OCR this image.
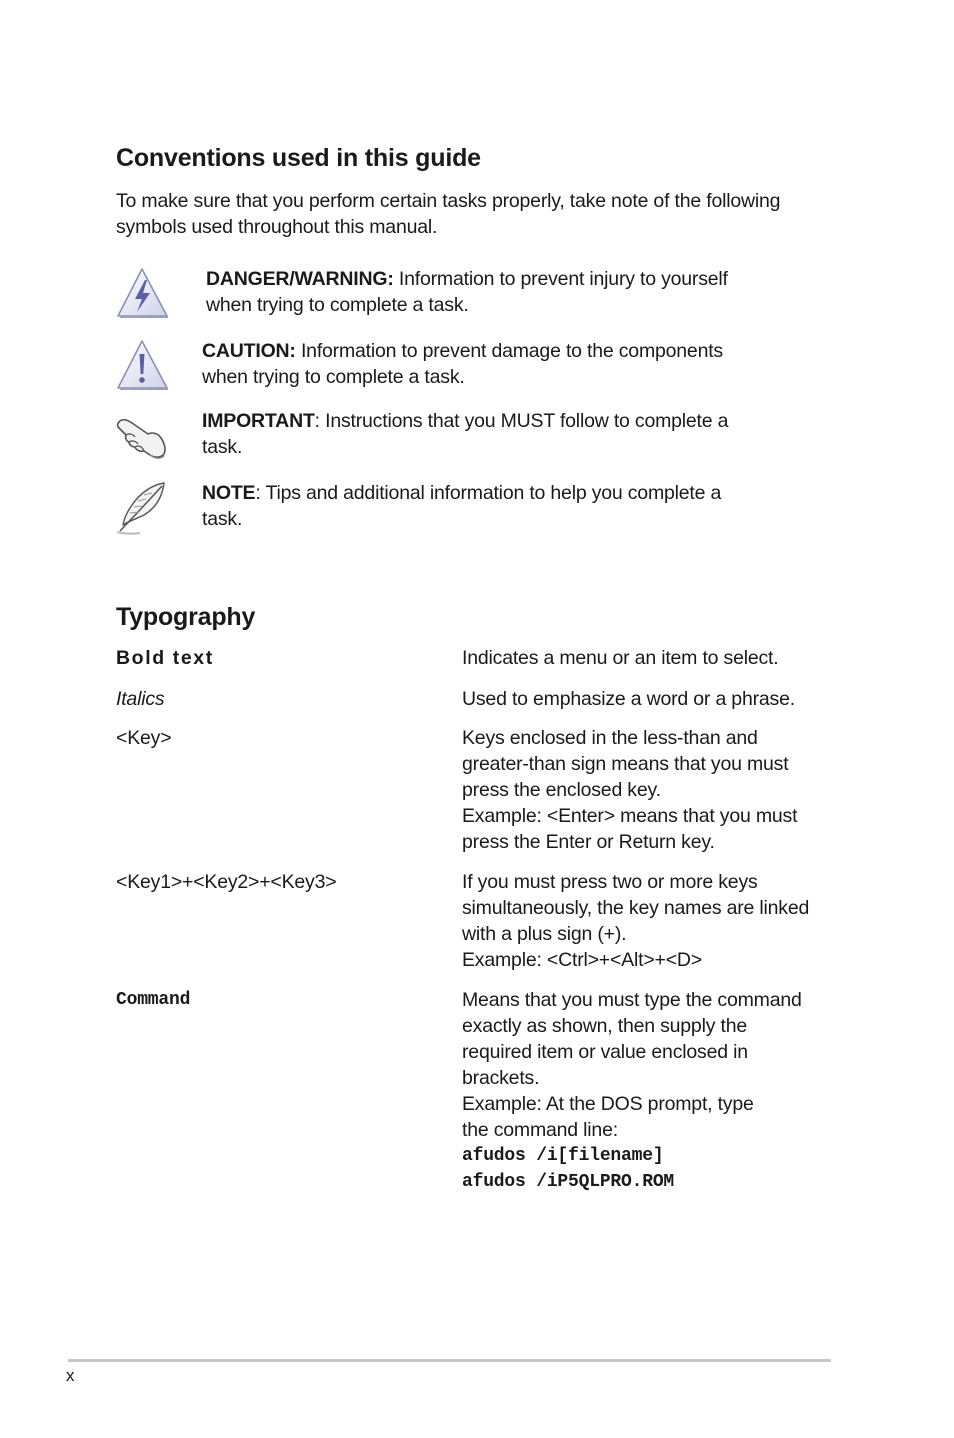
Conventions used in this guide

To make sure that you perform certain tasks properly, take note of the following

symbols used throughout this manual.

DANGER/WARNING: Information to prevent injury to yourself
when trying to complete a task.
CAUTION: Information to prevent damage to the components
when trying to complete a task.
IMPORTANT: Instructions that you MUST follow to complete a
task.
NOTE: Tips and additional information to help you complete a
task.
Typography
Bold text	Indicates a menu or an item to select.
Italics	Used to emphasize a word or a phrase.
<Key>	Keys enclosed in the less-than and
greater-than sign means that you must
press the enclosed key.
Example: <Enter> means that you must
press the Enter or Return key.
<Key1>+<Key2>+<Key3>	If you must press two or more keys
simultaneously, the key names are linked
with a plus sign (+).
Example: <Ctrl>+<Alt>+<D>
Command	Means that you must type the command
exactly as shown, then supply the
required item or value enclosed in
brackets.
Example: At the DOS prompt, type
the command line:
afudos /i[filename]
afudos /iP5QLPRO.ROM
x
